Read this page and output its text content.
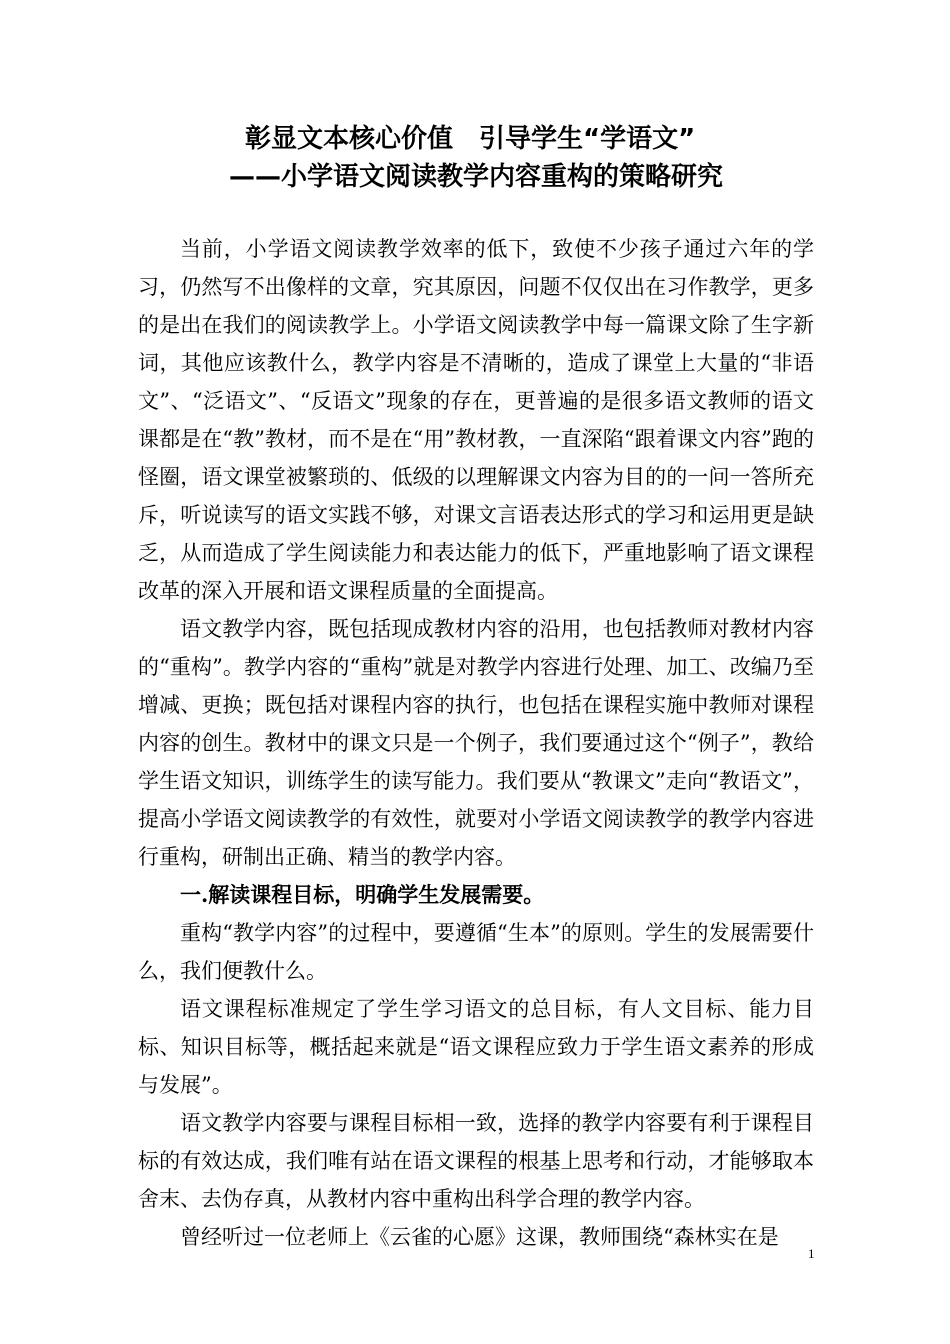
彰显文本核心价值　引导学生“学语文”
——小学语文阅读教学内容重构的策略研究

当前，小学语文阅读教学效率的低下，致使不少孩子通过六年的学习，仍然写不出像样的文章，究其原因，问题不仅仅出在习作教学，更多的是出在我们的阅读教学上。小学语文阅读教学中每一篇课文除了生字新词，其他应该教什么，教学内容是不清晰的，造成了课堂上大量的“非语文”、“泛语文”、“反语文”现象的存在，更普遍的是很多语文教师的语文课都是在“教”教材，而不是在“用”教材教，一直深陷“跟着课文内容”跑的怪圈，语文课堂被繁琐的、低级的以理解课文内容为目的的一问一答所充斥，听说读写的语文实践不够，对课文言语表达形式的学习和运用更是缺乏，从而造成了学生阅读能力和表达能力的低下，严重地影响了语文课程改革的深入开展和语文课程质量的全面提高。

语文教学内容，既包括现成教材内容的沿用，也包括教师对教材内容的“重构”。教学内容的“重构”就是对教学内容进行处理、加工、改编乃至增减、更换；既包括对课程内容的执行，也包括在课程实施中教师对课程内容的创生。教材中的课文只是一个例子，我们要通过这个“例子”，教给学生语文知识，训练学生的读写能力。我们要从“教课文”走向“教语文”， 提高小学语文阅读教学的有效性，就要对小学语文阅读教学的教学内容进行重构，研制出正确、精当的教学内容。

一.解读课程目标，明确学生发展需要。

重构“教学内容”的过程中，要遵循“生本”的原则。学生的发展需要什么，我们便教什么。

语文课程标准规定了学生学习语文的总目标，有人文目标、能力目标、知识目标等，概括起来就是“语文课程应致力于学生语文素养的形成与发展”。

语文教学内容要与课程目标相一致，选择的教学内容要有利于课程目标的有效达成，我们唯有站在语文课程的根基上思考和行动，才能够取本舍末、去伪存真，从教材内容中重构出科学合理的教学内容。

曾经听过一位老师上《云雀的心愿》这课，教师围绕“森林实在是

1
